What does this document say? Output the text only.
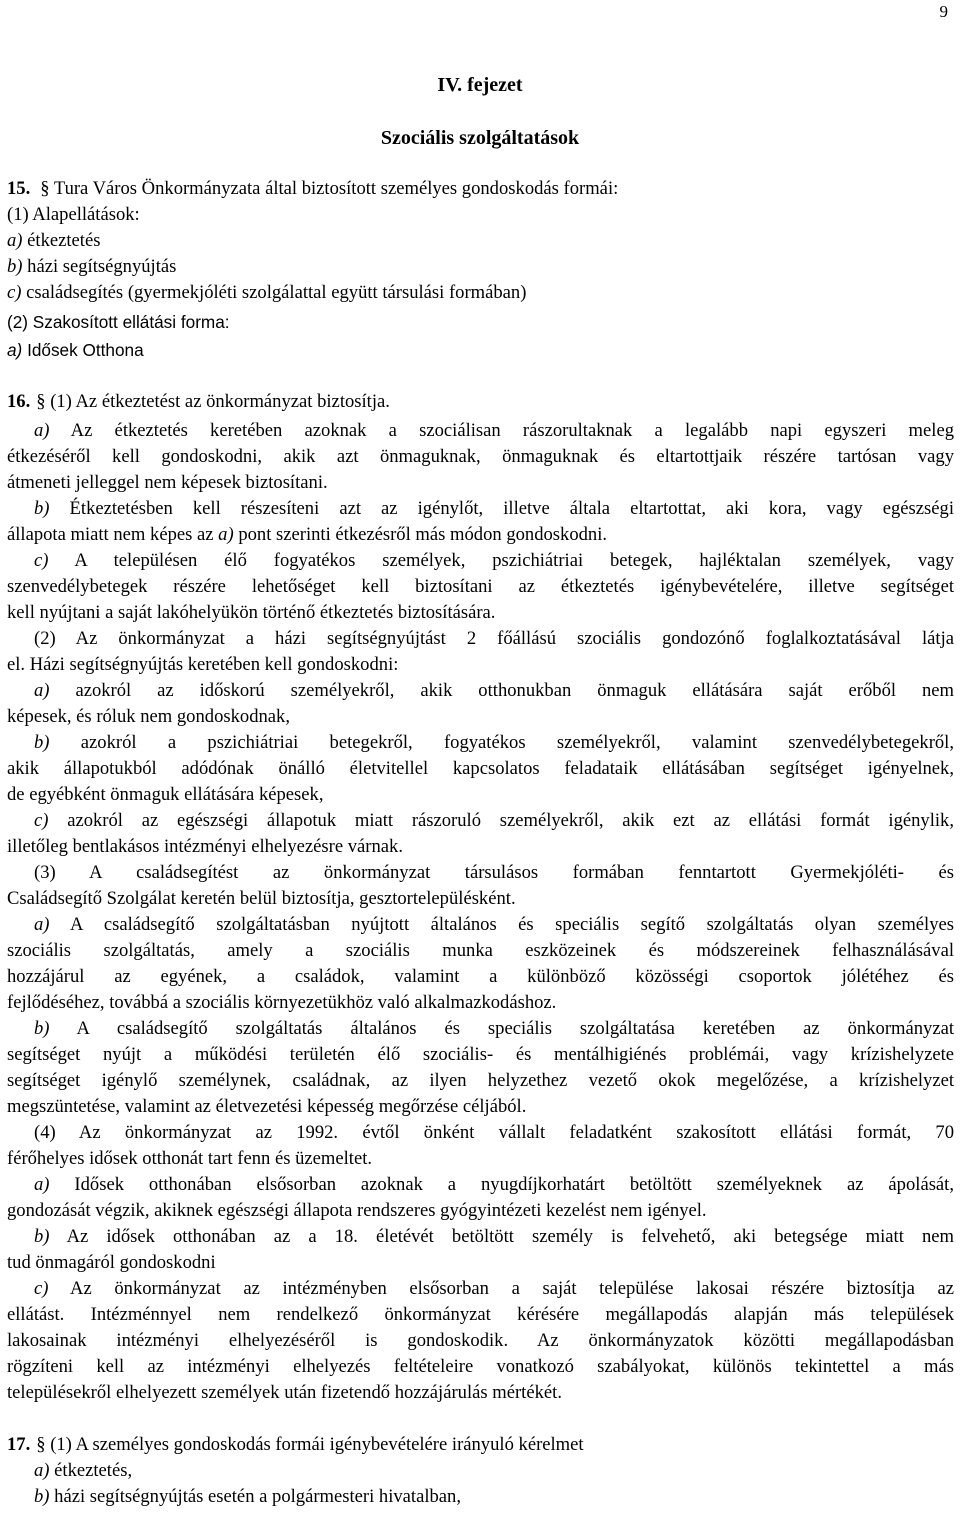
9
IV. fejezet
Szociális szolgáltatások
15. § Tura Város Önkormányzata által biztosított személyes gondoskodás formái:
(1) Alapellátások:
a) étkeztetés
b) házi segítségnyújtás
c) családsegítés (gyermekjóléti szolgálattal együtt társulási formában)
(2) Szakosított ellátási forma:
a) Idősek Otthona
16. § (1) Az étkeztetést az önkormányzat biztosítja.
a) Az étkeztetés keretében azoknak a szociálisan rászorultaknak a legalább napi egyszeri meleg
étkezéséről kell gondoskodni, akik azt önmaguknak, önmaguknak és eltartottjaik részére tartósan vagy
átmeneti jelleggel nem képesek biztosítani.
b) Étkeztetésben kell részesíteni azt az igénylőt, illetve általa eltartottat, aki kora, vagy egészségi
állapota miatt nem képes az a) pont szerinti étkezésről más módon gondoskodni.
c) A településen élő fogyatékos személyek, pszichiátriai betegek, hajléktalan személyek, vagy
szenvedélybetegek részére lehetőséget kell biztosítani az étkeztetés igénybevételére, illetve segítséget
kell nyújtani a saját lakóhelyükön történő étkeztetés biztosítására.
(2) Az önkormányzat a házi segítségnyújtást 2 főállású szociális gondozónő foglalkoztatásával látja
el. Házi segítségnyújtás keretében kell gondoskodni:
a) azokról az időskorú személyekről, akik otthonukban önmaguk ellátására saját erőből nem
képesek, és róluk nem gondoskodnak,
b) azokról a pszichiátriai betegekről, fogyatékos személyekről, valamint szenvedélybetegekről,
akik állapotukból adódónak önálló életvitellel kapcsolatos feladataik ellátásában segítséget igényelnek,
de egyébként önmaguk ellátására képesek,
c) azokról az egészségi állapotuk miatt rászoruló személyekről, akik ezt az ellátási formát igénylik,
illetőleg bentlakásos intézményi elhelyezésre várnak.
(3) A családsegítést az önkormányzat társulásos formában fenntartott Gyermekjóléti- és
Családsegítő Szolgálat keretén belül biztosítja, gesztortelepülésként.
a) A családsegítő szolgáltatásban nyújtott általános és speciális segítő szolgáltatás olyan személyes
szociális szolgáltatás, amely a szociális munka eszközeinek és módszereinek felhasználásával
hozzájárul az egyének, a családok, valamint a különböző közösségi csoportok jólétéhez és
fejlődéséhez, továbbá a szociális környezetükhöz való alkalmazkodáshoz.
b) A családsegítő szolgáltatás általános és speciális szolgáltatása keretében az önkormányzat
segítséget nyújt a működési területén élő szociális- és mentálhigiénés problémái, vagy krízishelyzete
segítséget igénylő személynek, családnak, az ilyen helyzethez vezető okok megelőzése, a krízishelyzet
megszüntetése, valamint az életvezetési képesség megőrzése céljából.
(4) Az önkormányzat az 1992. évtől önként vállalt feladatként szakosított ellátási formát, 70
férőhelyes idősek otthonát tart fenn és üzemeltet.
a) Idősek otthonában elsősorban azoknak a nyugdíjkorhatárt betöltött személyeknek az ápolását,
gondozását végzik, akiknek egészségi állapota rendszeres gyógyintézeti kezelést nem igényel.
b) Az idősek otthonában az a 18. életévét betöltött személy is felvehető, aki betegsége miatt nem
tud önmagáról gondoskodni
c) Az önkormányzat az intézményben elsősorban a saját települése lakosai részére biztosítja az
ellátást. Intézménnyel nem rendelkező önkormányzat kérésére megállapodás alapján más települések
lakosainak intézményi elhelyezéséről is gondoskodik. Az önkormányzatok közötti megállapodásban
rögzíteni kell az intézményi elhelyezés feltételeire vonatkozó szabályokat, különös tekintettel a más
településekről elhelyezett személyek után fizetendő hozzájárulás mértékét.
17. § (1) A személyes gondoskodás formái igénybevételére irányuló kérelmet
a) étkeztetés,
b) házi segítségnyújtás esetén a polgármesteri hivatalban,
